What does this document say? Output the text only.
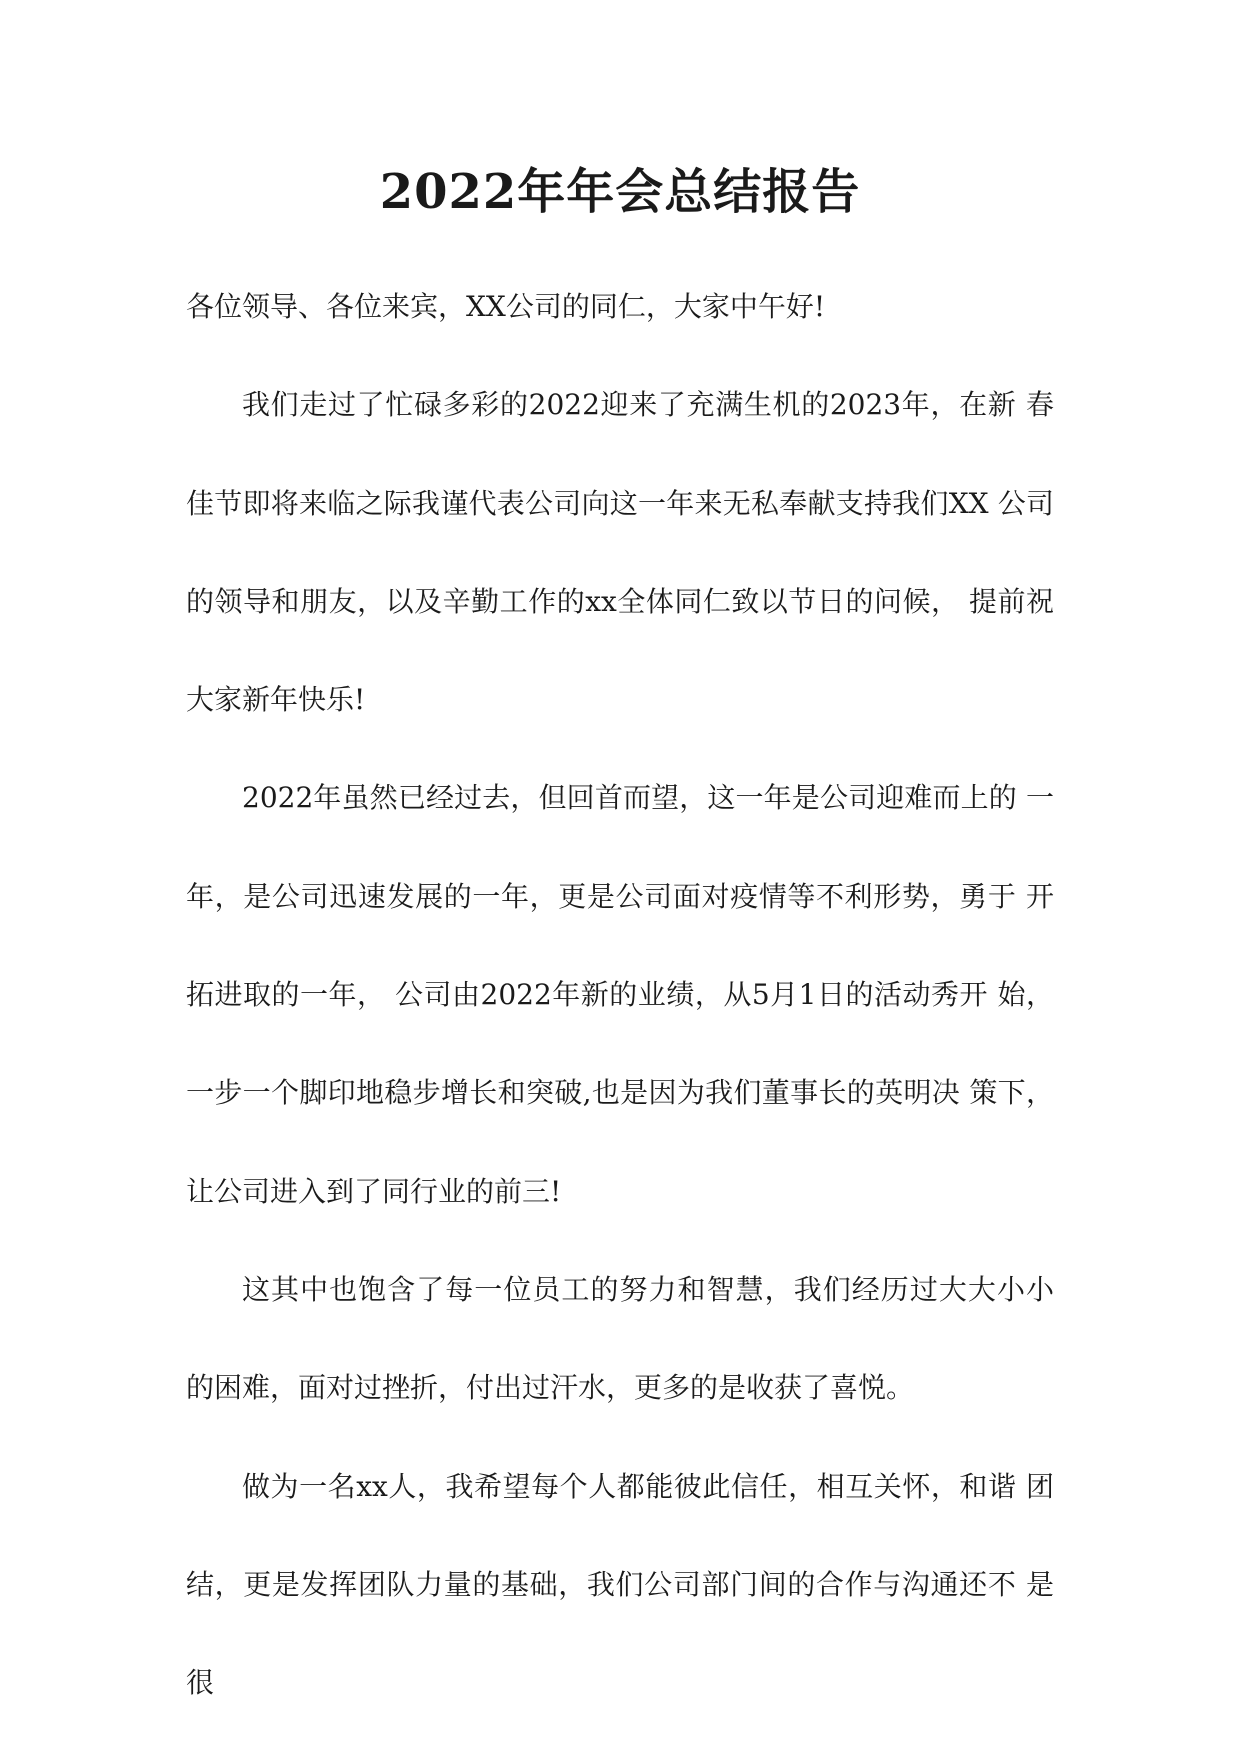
2022年年会总结报告

各位领导、各位来宾，XX公司的同仁，大家中午好!

我们走过了忙碌多彩的2022迎来了充满生机的2023年，在新 春佳节即将来临之际我谨代表公司向这一年来无私奉献支持我们XX 公司的领导和朋友，以及辛勤工作的xx全体同仁致以节日的问候， 提前祝大家新年快乐!

2022年虽然已经过去，但回首而望，这一年是公司迎难而上的 一年，是公司迅速发展的一年，更是公司面对疫情等不利形势，勇于 开拓进取的一年， 公司由2022年新的业绩，从5月1日的活动秀开 始，一步一个脚印地稳步增长和突破,也是因为我们董事长的英明决 策下，让公司进入到了同行业的前三!

这其中也饱含了每一位员工的努力和智慧，我们经历过大大小小 的困难，面对过挫折，付出过汗水，更多的是收获了喜悦。

做为一名xx人，我希望每个人都能彼此信任，相互关怀，和谐 团结，更是发挥团队力量的基础，我们公司部门间的合作与沟通还不 是很
